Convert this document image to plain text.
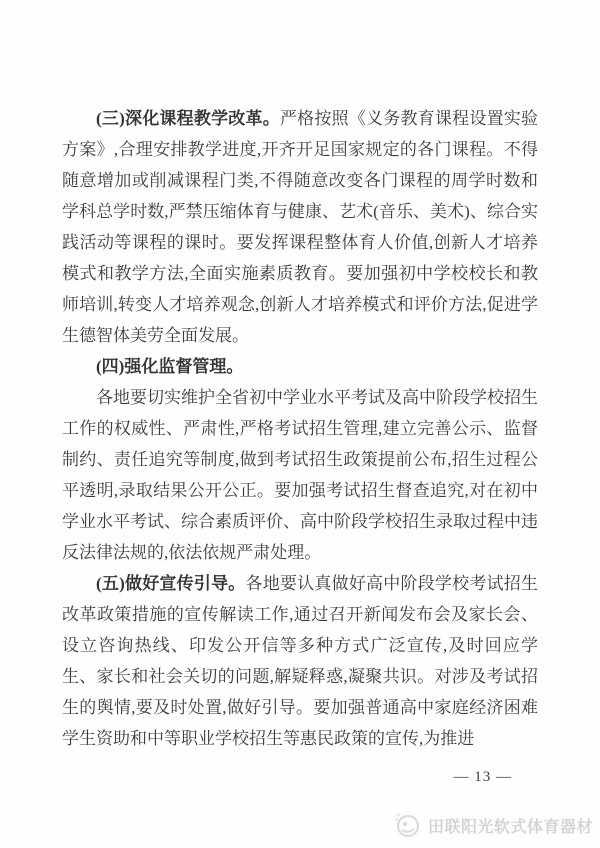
(三)深化课程教学改革。严格按照《义务教育课程设置实验方案》,合理安排教学进度,开齐开足国家规定的各门课程。不得随意增加或削减课程门类,不得随意改变各门课程的周学时数和学科总学时数,严禁压缩体育与健康、艺术(音乐、美术)、综合实践活动等课程的课时。要发挥课程整体育人价值,创新人才培养模式和教学方法,全面实施素质教育。要加强初中学校校长和教师培训,转变人才培养观念,创新人才培养模式和评价方法,促进学生德智体美劳全面发展。

(四)强化监督管理。

各地要切实维护全省初中学业水平考试及高中阶段学校招生工作的权威性、严肃性,严格考试招生管理,建立完善公示、监督制约、责任追究等制度,做到考试招生政策提前公布,招生过程公平透明,录取结果公开公正。要加强考试招生督查追究,对在初中学业水平考试、综合素质评价、高中阶段学校招生录取过程中违反法律法规的,依法依规严肃处理。

(五)做好宣传引导。各地要认真做好高中阶段学校考试招生改革政策措施的宣传解读工作,通过召开新闻发布会及家长会、设立咨询热线、印发公开信等多种方式广泛宣传,及时回应学生、家长和社会关切的问题,解疑释惑,凝聚共识。对涉及考试招生的舆情,要及时处置,做好引导。要加强普通高中家庭经济困难学生资助和中等职业学校招生等惠民政策的宣传,为推进

— 13 —
田联阳光软式体育器材
